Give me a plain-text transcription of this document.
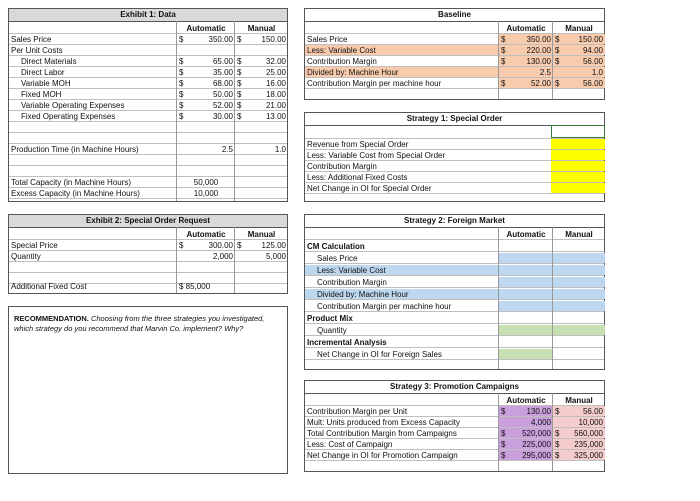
Exhibit 1: Data
Automatic	Manual
Sales Price	$	350.00 $	150.00
Per Unit Costs
Direct Materials	$	65.00 $	32.00
Direct Labor	$	35.00 $	25.00
Variable MOH	$	68.00 $	16.00
Fixed MOH	$	50.00 $	18.00
Variable Operating Expenses	$	52.00 $	21.00
Fixed Operating Expenses	$	30.00 $	13.00
Production Time (in Machine Hours)	2.5	1.0
Total Capacity (in Machine Hours)	50,000
Excess Capacity (in Machine Hours)	10,000
Exhibit 2: Special Order Request
Automatic	Manual
Special Price	$	300.00 $	125.00
Quantity	2,000	5,000
Additional Fixed Cost	$ 85,000
RECOMMENDATION. Choosing from the three strategies you investigated, which strategy do you recommend that Marvin Co. implement? Why?
Baseline
Automatic	Manual
Sales Price	$	350.00 $ 150.00
Less: Variable Cost	$	220.00 $	94.00
Contribution Margin	$	130.00 $	56.00
Divided by: Machine Hour	2.5	1.0
Contribution Margin per machine hour	$	52.00 $	56.00
Strategy 1: Special Order
Revenue from Special Order
Less: Variable Cost from Special Order
Contribution Margin
Less: Additional Fixed Costs
Net Change in OI for Special Order
Strategy 2: Foreign Market
Automatic	Manual
CM Calculation
Sales Price
Less: Variable Cost
Contribution Margin
Divided by: Machine Hour
Contribution Margin per machine hour
Product Mix
Quantity
Incremental Analysis
Net Change in OI for Foreign Sales
Strategy 3: Promotion Campaigns
Automatic	Manual
Contribution Margin per Unit	$	130.00 $	56.00
Mult: Units produced from Excess Capacity	4,000	10,000
Total Contribution Margin from Campaigns	$ 520,000 $ 560,000
Less: Cost of Campaign	$ 225,000 $ 235,000
Net Change in OI for Promotion Campaign	$ 295,000 $ 325,000
